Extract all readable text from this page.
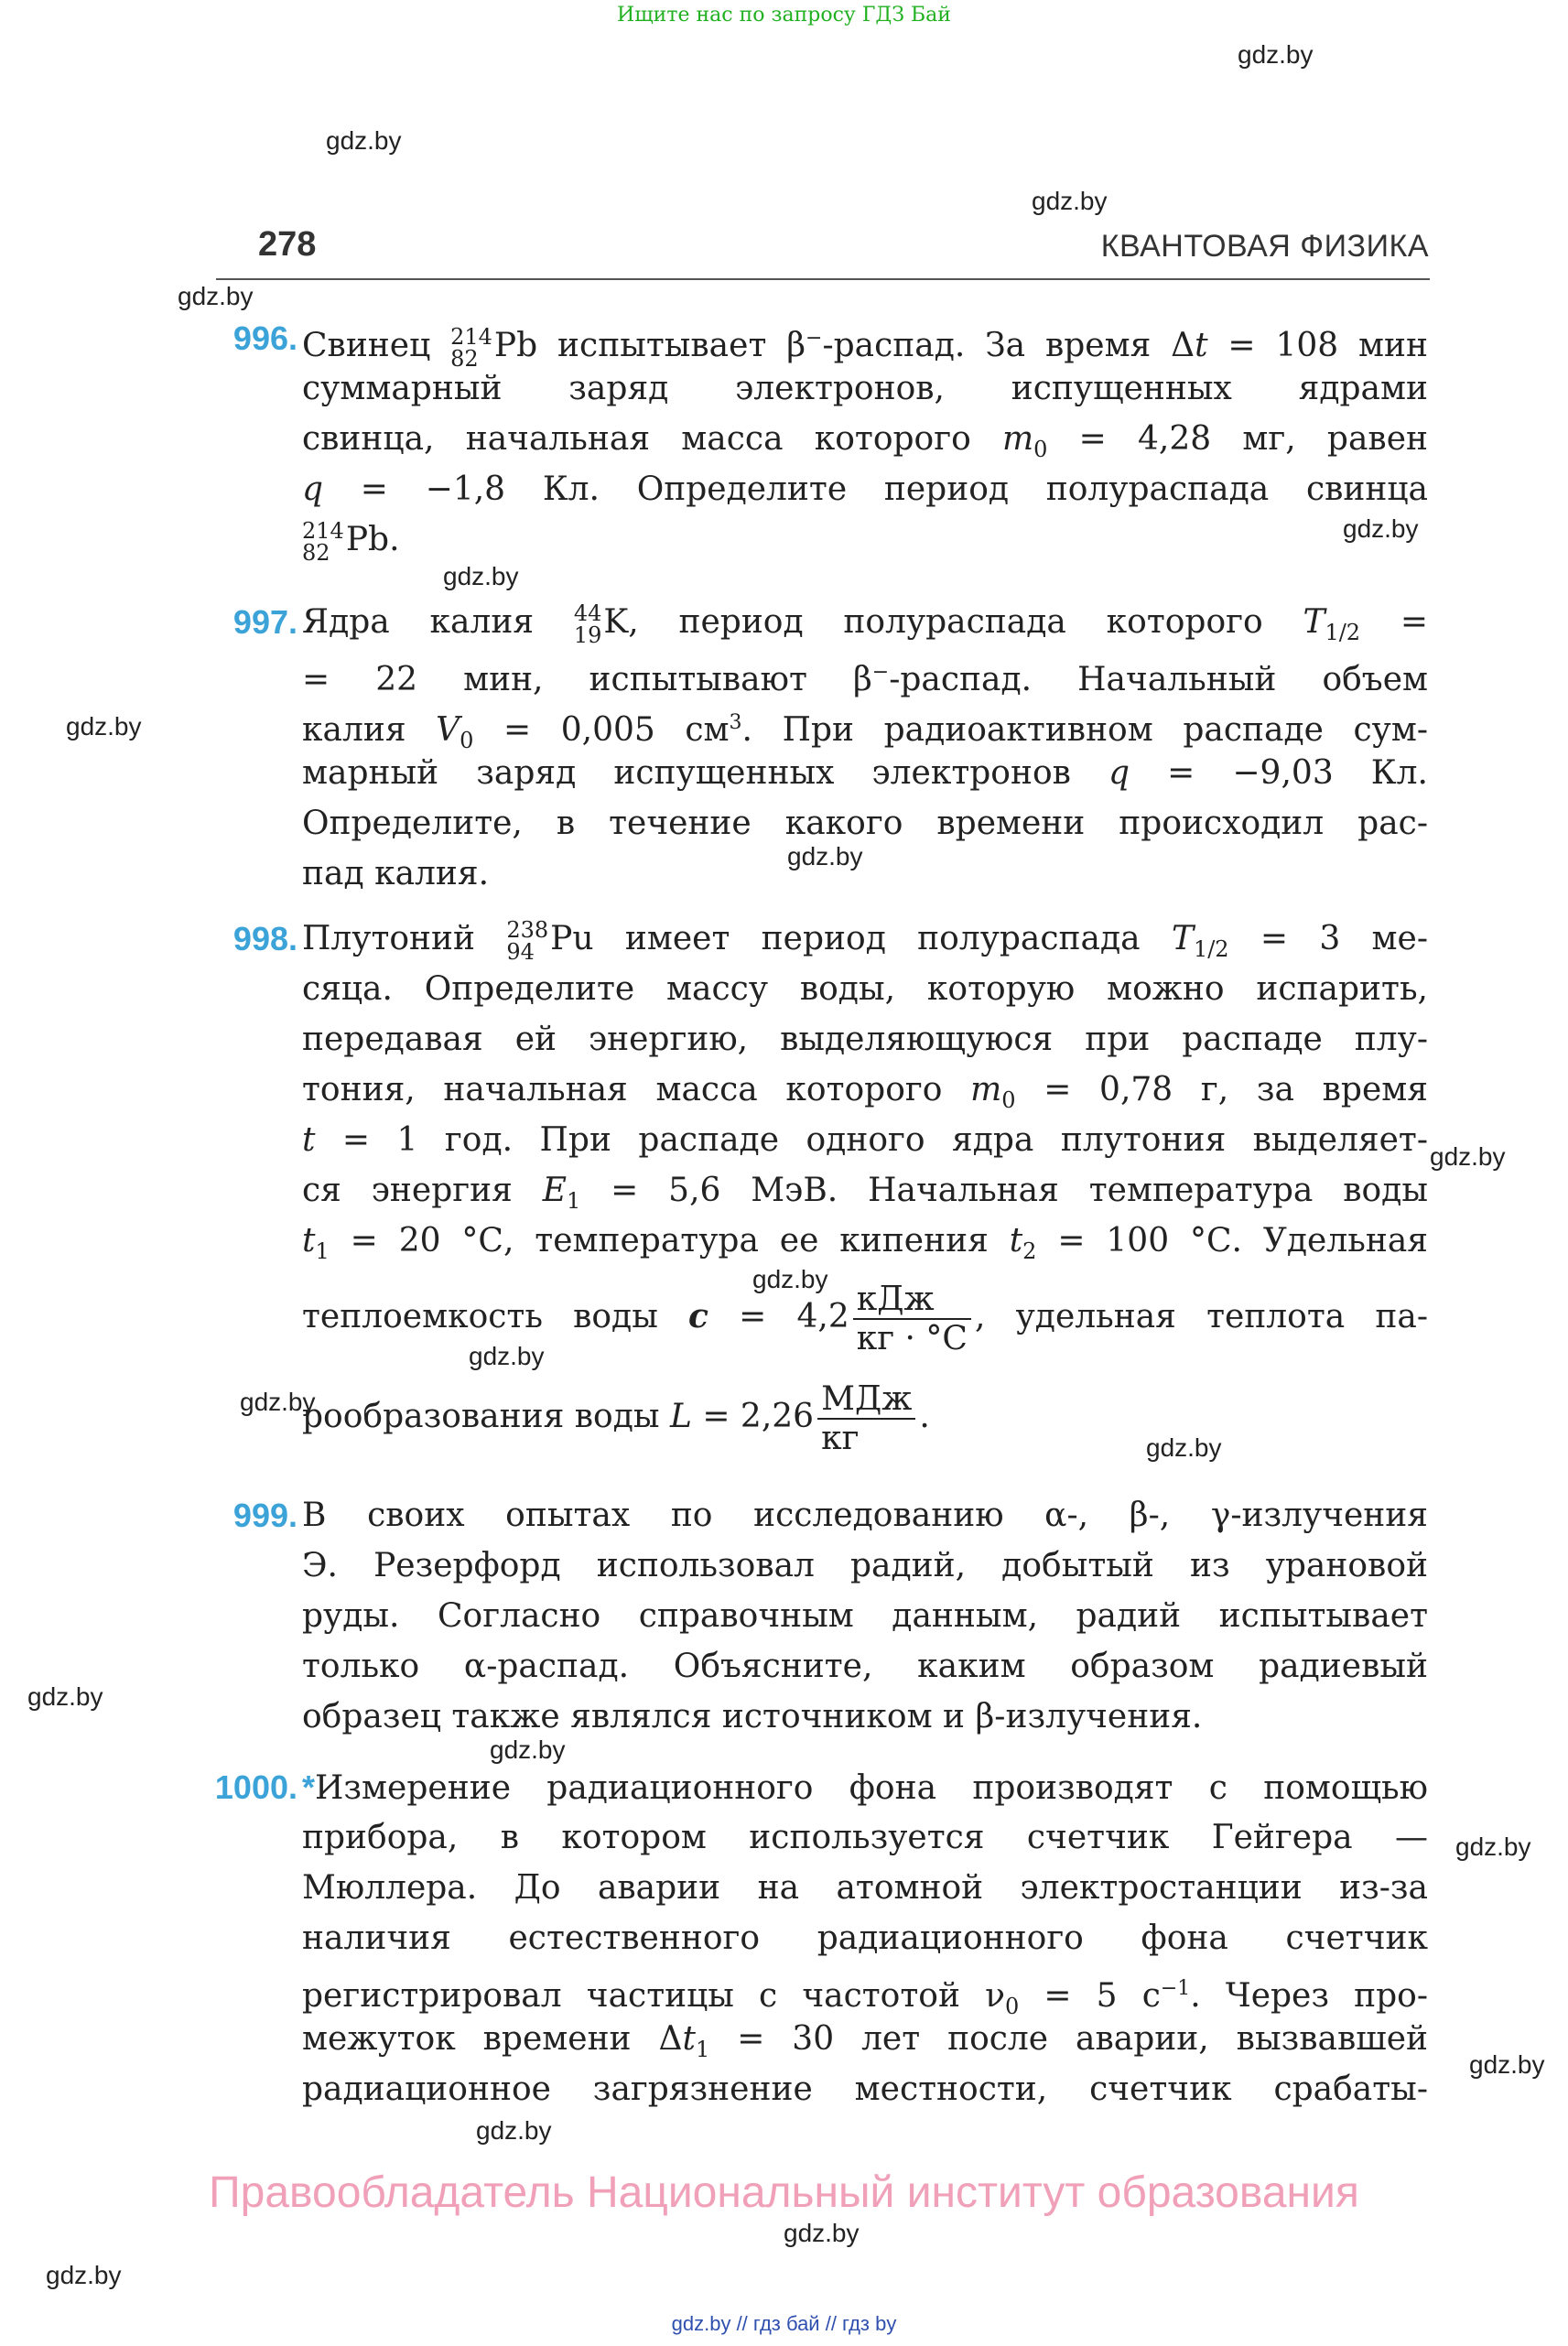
Ищите нас по запросу ГДЗ Бай
gdz.by
gdz.by
gdz.by
gdz.by
278	КВАНТОВАЯ ФИЗИКА
996. Свинец 214
82 Pb испытывает β−-распад. За время Δt = 108 мин
суммарный заряд электронов, испущенных ядрами
свинца, начальная масса которого $m_0 = 4,28$ мг, равен
q = −1,8 Кл. Определите период полураспада свинца
214
82 Pb.	gdz.by
gdz.by
997. Ядра калия 44
19 K, период полураспада которого $T_{1/2}$ =
= 22 мин, испытывают β−-распад. Начальный объем
калия $V_0 = 0,005$ $см^3$. При радиоактивном распаде сум-
марный заряд испущенных электронов q = −9,03 Кл.
Определите, в течение какого времени происходил рас-
пад калия.
gdz.by
gdz.by
998. Плутоний 238
94 Pu имеет период полураспада $T_{1/2} = 3$ ме-
сяца. Определите массу воды, которую можно испарить,
передавая ей энергию, выделяющуюся при распаде плу-
тония, начальная масса которого $m_0 = 0,78$ г, за время
t = 1 год. При распаде одного ядра плутония выделяет-
ся энергия $E_1 = 5,6$ МэВ. Начальная температура воды
$t_1 = 20$ °С, температура ее кипения $t_2 = 100$ °С. Удельная
теплоемкость воды $c = 4,2 \frac{\text{кДж}}{кг \cdot ^\circ С}$ , удельная теплота па-
рообразования воды $L = 2,26 \frac{\text{МДж}}{кг}$ .
gdz.by
gdz.by
gdz.by
gdz.by
gdz.by
999. В своих опытах по исследованию α-, β-, γ-излучения
Э. Резерфорд использовал радий, добытый из урановой
руды. Согласно справочным данным, радий испытывает
только α-распад. Объясните, каким образом радиевый
образец также являлся источником и β-излучения.
gdz.by
gdz.by
1000. *Измерение радиационного фона производят с помощью
прибора, в котором используется счетчик Гейгера —
Мюллера. До аварии на атомной электростанции из-за
наличия естественного радиационного фона счетчик
регистрировал частицы с частотой $\nu_0 = 5$ $с^{-1}$. Через про-
межуток времени $\Delta t_1 = 30$ лет после аварии, вызвавшей
радиационное загрязнение местности, счетчик срабаты-
gdz.by
gdz.by
gdz.by
Правообладатель Национальный институт образования
gdz.by
gdz.by
gdz.by // гдз бай // гдз by
